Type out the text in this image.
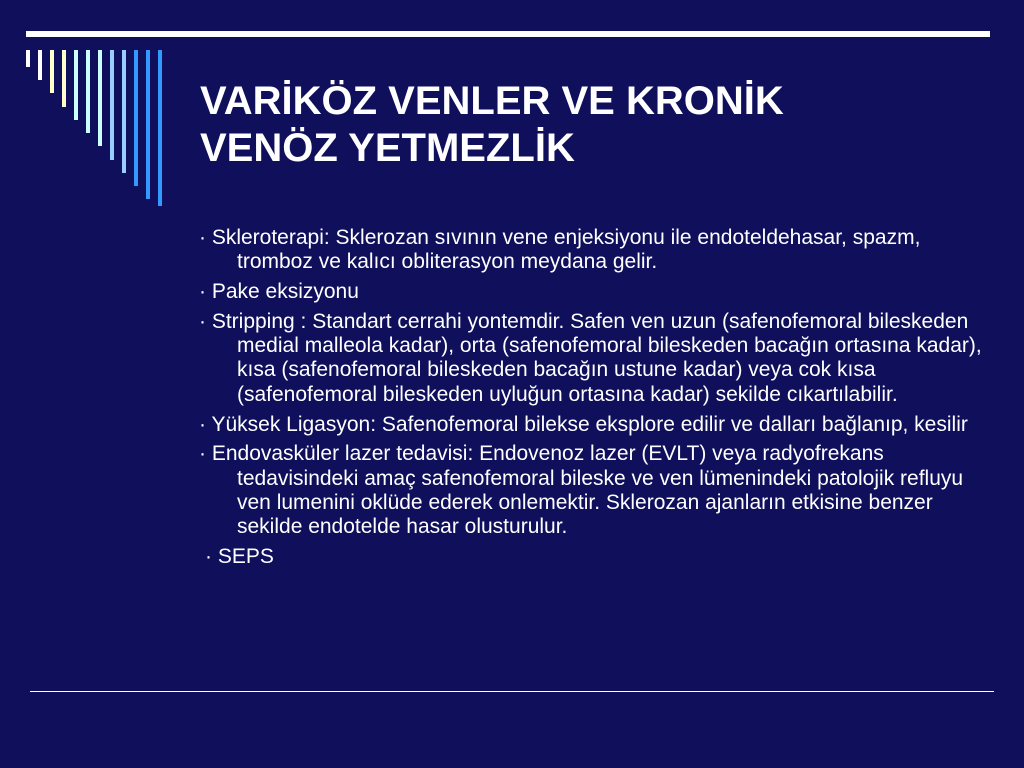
VARİKÖZ VENLER VE KRONİK
VENÖZ YETMEZLİK
· Skleroterapi: Sklerozan sıvının vene enjeksiyonu ile endoteldehasar, spazm, tromboz ve kalıcı obliterasyon meydana gelir.
· Pake eksizyonu
· Stripping : Standart cerrahi yontemdir. Safen ven uzun (safenofemoral bileskeden medial malleola kadar), orta (safenofemoral bileskeden bacağın ortasına kadar), kısa (safenofemoral bileskeden bacağın ustune kadar) veya cok kısa (safenofemoral bileskeden uyluğun ortasına kadar) sekilde cıkartılabilir.
· Yüksek Ligasyon: Safenofemoral bilekse eksplore edilir ve dalları bağlanıp, kesilir
· Endovasküler lazer tedavisi: Endovenoz lazer (EVLT) veya radyofrekans tedavisindeki amaç safenofemoral bileske ve ven lümenindeki patolojik refluyu ven lumenini oklüde ederek onlemektir. Sklerozan ajanların etkisine benzer sekilde endotelde hasar olusturulur.
· SEPS
